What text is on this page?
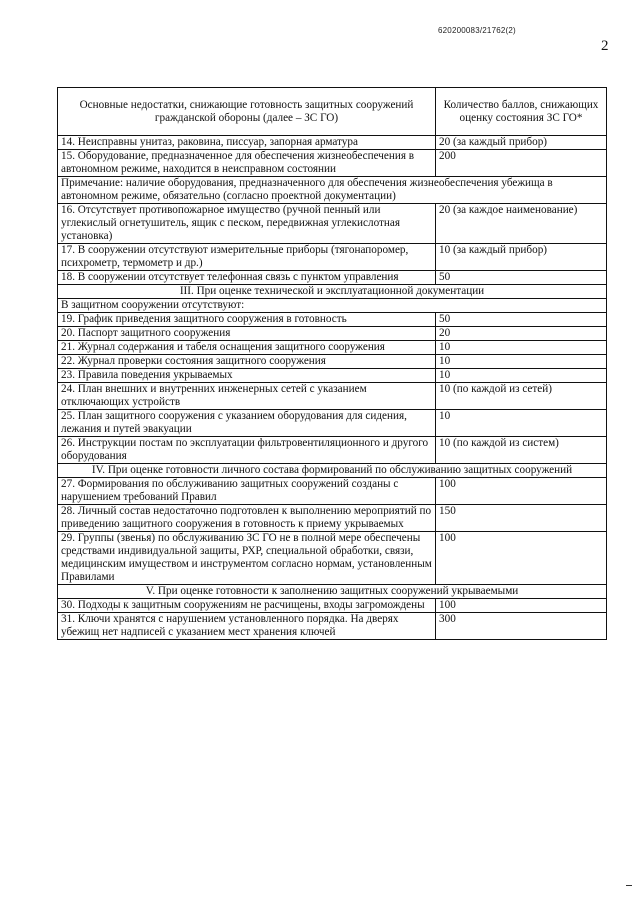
620200083/21762(2)
2
Основные недостатки, снижающие готовность защитных сооружений гражданской обороны (далее – ЗС ГО)	Количество баллов, снижающих оценку состояния ЗС ГО*
14. Неисправны унитаз, раковина, писсуар, запорная арматура	20 (за каждый прибор)
15. Оборудование, предназначенное для обеспечения жизнеобеспечения в автономном режиме, находится в неисправном состоянии	200
Примечание: наличие оборудования, предназначенного для обеспечения жизнеобеспечения убежища в автономном режиме, обязательно (согласно проектной документации)	
16. Отсутствует противопожарное имущество (ручной пенный или углекислый огнетушитель, ящик с песком, передвижная углекислотная установка)	20 (за каждое наименование)
17. В сооружении отсутствуют измерительные приборы (тягонапоромер, психрометр, термометр и др.)	10 (за каждый прибор)
18. В сооружении отсутствует телефонная связь с пунктом управления	50
III. При оценке технической и эксплуатационной документации	
В защитном сооружении отсутствуют:	
19. График приведения защитного сооружения в готовность	50
20. Паспорт защитного сооружения	20
21. Журнал содержания и табеля оснащения защитного сооружения	10
22. Журнал проверки состояния защитного сооружения	10
23. Правила поведения укрываемых	10
24. План внешних и внутренних инженерных сетей с указанием отключающих устройств	10 (по каждой из сетей)
25. План защитного сооружения с указанием оборудования для сидения, лежания и путей эвакуации	10
26. Инструкции постам по эксплуатации фильтровентиляционного и другого оборудования	10 (по каждой из систем)
IV. При оценке готовности личного состава формирований по обслуживанию защитных сооружений	
27. Формирования по обслуживанию защитных сооружений созданы с нарушением требований Правил	100
28. Личный состав недостаточно подготовлен к выполнению мероприятий по приведению защитного сооружения в готовность к приему укрываемых	150
29. Группы (звенья) по обслуживанию ЗС ГО не в полной мере обеспечены средствами индивидуальной защиты, РХР, специальной обработки, связи, медицинским имуществом и инструментом согласно нормам, установленным Правилами	100
V. При оценке готовности к заполнению защитных сооружений укрываемыми	
30. Подходы к защитным сооружениям не расчищены, входы загромождены	100
31. Ключи хранятся с нарушением установленного порядка. На дверях убежищ нет надписей с указанием мест хранения ключей	300
